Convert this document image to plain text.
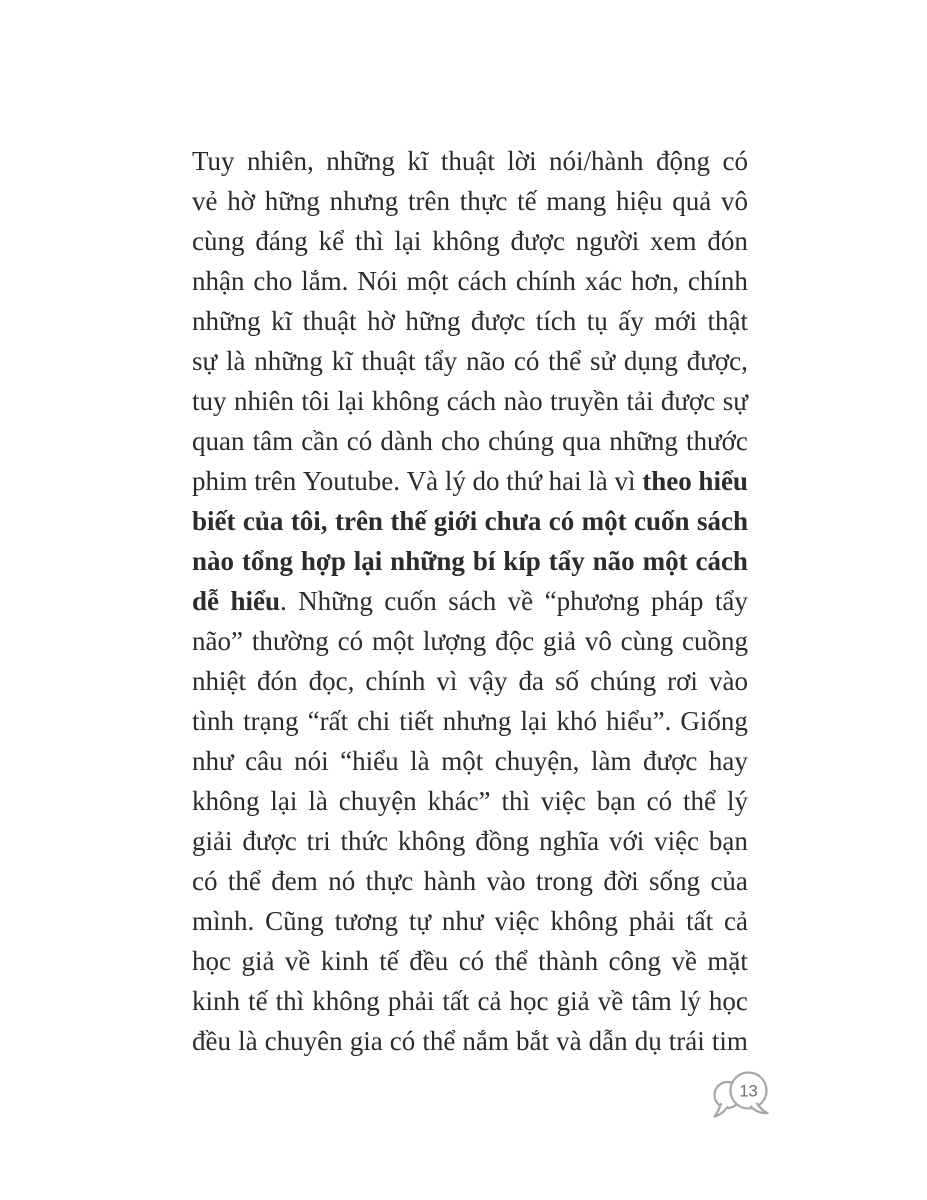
Tuy nhiên, những kĩ thuật lời nói/hành động có
vẻ hờ hững nhưng trên thực tế mang hiệu quả vô
cùng đáng kể thì lại không được người xem đón
nhận cho lắm. Nói một cách chính xác hơn, chính
những kĩ thuật hờ hững được tích tụ ấy mới thật
sự là những kĩ thuật tẩy não có thể sử dụng được,
tuy nhiên tôi lại không cách nào truyền tải được sự
quan tâm cần có dành cho chúng qua những thước
phim trên Youtube. Và lý do thứ hai là vì theo hiểu
biết của tôi, trên thế giới chưa có một cuốn sách
nào tổng hợp lại những bí kíp tẩy não một cách
dễ hiểu. Những cuốn sách về “phương pháp tẩy
não” thường có một lượng độc giả vô cùng cuồng
nhiệt đón đọc, chính vì vậy đa số chúng rơi vào
tình trạng “rất chi tiết nhưng lại khó hiểu”. Giống
như câu nói “hiểu là một chuyện, làm được hay
không lại là chuyện khác” thì việc bạn có thể lý
giải được tri thức không đồng nghĩa với việc bạn
có thể đem nó thực hành vào trong đời sống của
mình. Cũng tương tự như việc không phải tất cả
học giả về kinh tế đều có thể thành công về mặt
kinh tế thì không phải tất cả học giả về tâm lý học
đều là chuyên gia có thể nắm bắt và dẫn dụ trái tim
13
